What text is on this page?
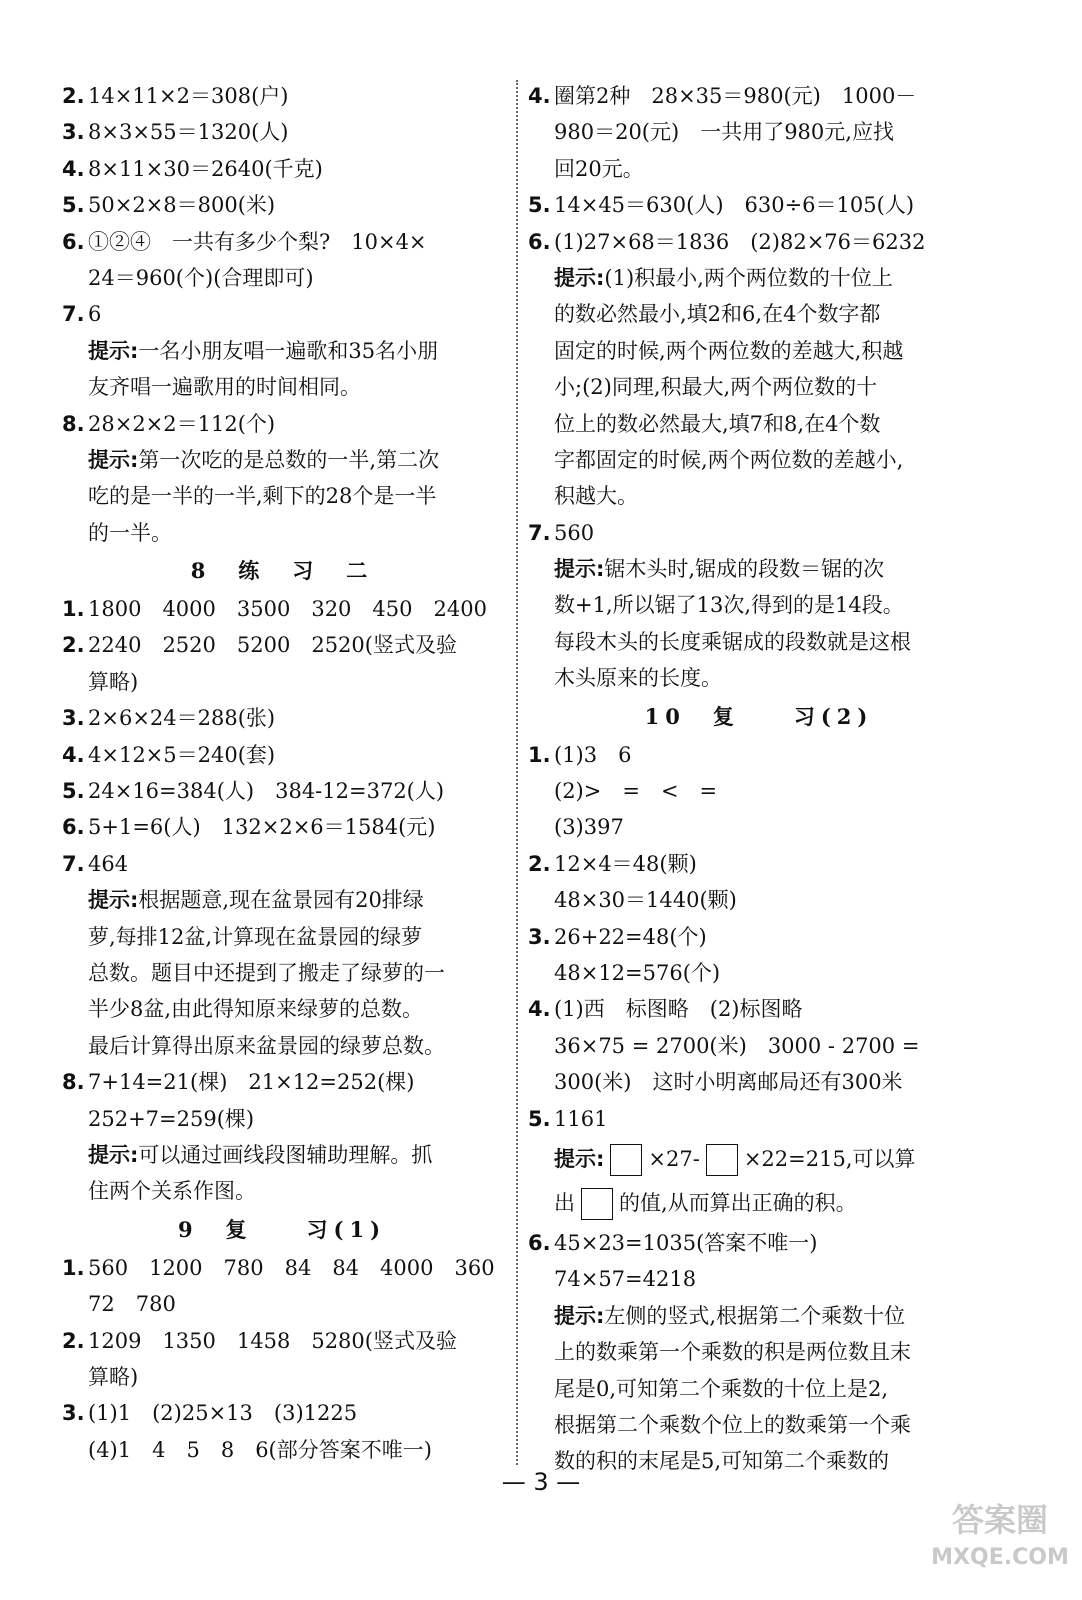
2. 14×11×2＝308(户)
3. 8×3×55＝1320(人)
4. 8×11×30＝2640(千克)
5. 50×2×8＝800(米)
6. ①②④　一共有多少个梨?　10×4×
24＝960(个)(合理即可)
7. 6
提示:一名小朋友唱一遍歌和35名小朋
友齐唱一遍歌用的时间相同。
8. 28×2×2＝112(个)
提示:第一次吃的是总数的一半,第二次
吃的是一半的一半,剩下的28个是一半
的一半。
8　练　习　二
1. 1800　4000　3500　320　450　2400
2. 2240　2520　5200　2520(竖式及验
算略)
3. 2×6×24＝288(张)
4. 4×12×5＝240(套)
5. 24×16=384(人)　384-12=372(人)
6. 5+1=6(人)　132×2×6＝1584(元)
7. 464
提示:根据题意,现在盆景园有20排绿
萝,每排12盆,计算现在盆景园的绿萝
总数。题目中还提到了搬走了绿萝的一
半少8盆,由此得知原来绿萝的总数。
最后计算得出原来盆景园的绿萝总数。
8. 7+14=21(棵)　21×12=252(棵)
252+7=259(棵)
提示:可以通过画线段图辅助理解。抓
住两个关系作图。
9　复　　习(1)
1. 560　1200　780　84　84　4000　360
72　780
2. 1209　1350　1458　5280(竖式及验
算略)
3. (1)1　(2)25×13　(3)1225
(4)1　4　5　8　6(部分答案不唯一)
4. 圈第2种　28×35＝980(元)　1000－
980＝20(元)　一共用了980元,应找
回20元。
5. 14×45＝630(人)　630÷6＝105(人)
6. (1)27×68＝1836　(2)82×76＝6232
提示:(1)积最小,两个两位数的十位上
的数必然最小,填2和6,在4个数字都
固定的时候,两个两位数的差越大,积越
小;(2)同理,积最大,两个两位数的十
位上的数必然最大,填7和8,在4个数
字都固定的时候,两个两位数的差越小,
积越大。
7. 560
提示:锯木头时,锯成的段数＝锯的次
数+1,所以锯了13次,得到的是14段。
每段木头的长度乘锯成的段数就是这根
木头原来的长度。
10　复　　习(2)
1. (1)3　6
(2)>　=　<　=
(3)397
2. 12×4＝48(颗)
48×30＝1440(颗)
3. 26+22=48(个)
48×12=576(个)
4. (1)西　标图略　(2)标图略
36×75 = 2700(米)　3000 - 2700 =
300(米)　这时小明离邮局还有300米
5. 1161
提示: ×27- ×22=215,可以算
出 的值,从而算出正确的积。
6. 45×23=1035(答案不唯一)
74×57=4218
提示:左侧的竖式,根据第二个乘数十位
上的数乘第一个乘数的积是两位数且末
尾是0,可知第二个乘数的十位上是2,
根据第二个乘数个位上的数乘第一个乘
数的积的末尾是5,可知第二个乘数的
— 3 —
答案圈
MXQE.COM
